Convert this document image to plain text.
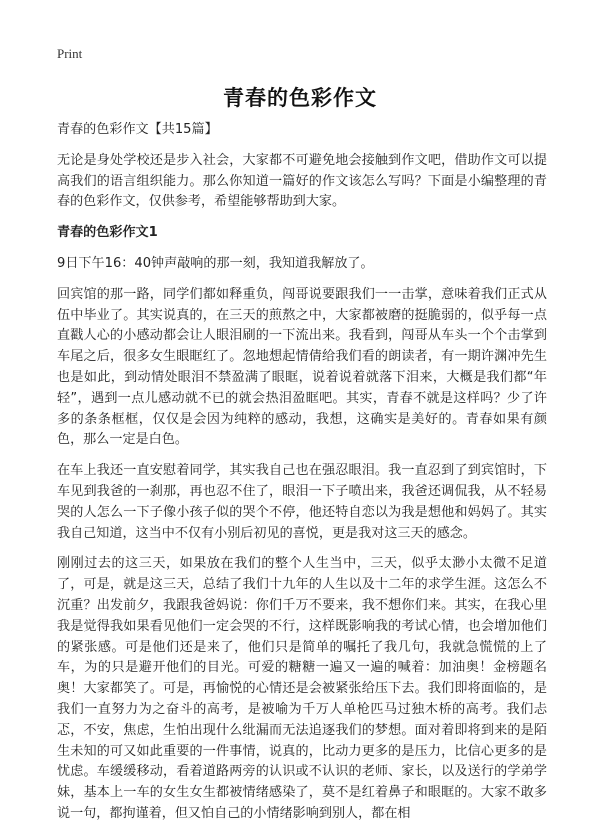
Print
青春的色彩作文

青春的色彩作文【共15篇】

无论是身处学校还是步入社会，大家都不可避免地会接触到作文吧，借助作文可以提高我们的语言组织能力。那么你知道一篇好的作文该怎么写吗？下面是小编整理的青春的色彩作文，仅供参考，希望能够帮助到大家。

青春的色彩作文1

9日下午16：40钟声敲响的那一刻，我知道我解放了。

回宾馆的那一路，同学们都如释重负，闯哥说要跟我们一一击掌，意味着我们正式从伍中毕业了。其实说真的，在三天的煎熬之中，大家都被磨的挺脆弱的，似乎每一点直戳人心的小感动都会让人眼泪刷的一下流出来。我看到，闯哥从车头一个个击掌到车尾之后，很多女生眼眶红了。忽地想起情倩给我们看的朗读者，有一期许渊冲先生也是如此，到动情处眼泪不禁盈满了眼眶，说着说着就落下泪来，大概是我们都“年轻”，遇到一点儿感动就不已的就会热泪盈眶吧。其实，青春不就是这样吗？少了许多的条条框框，仅仅是会因为纯粹的感动，我想，这确实是美好的。青春如果有颜色，那么一定是白色。

在车上我还一直安慰着同学，其实我自己也在强忍眼泪。我一直忍到了到宾馆时，下车见到我爸的一刹那，再也忍不住了，眼泪一下子喷出来，我爸还调侃我，从不轻易哭的人怎么一下子像小孩子似的哭个不停，他还特自恋以为我是想他和妈妈了。其实我自己知道，这当中不仅有小别后初见的喜悦，更是我对这三天的感念。

刚刚过去的这三天，如果放在我们的整个人生当中，三天，似乎太渺小太微不足道了，可是，就是这三天，总结了我们十九年的人生以及十二年的求学生涯。这怎么不沉重？出发前夕，我跟我爸妈说：你们千万不要来，我不想你们来。其实，在我心里我是觉得我如果看见他们一定会哭的不行，这样既影响我的考试心情，也会增加他们的紧张感。可是他们还是来了，他们只是简单的嘱托了我几句，我就急慌慌的上了车，为的只是避开他们的目光。可爱的糖糖一遍又一遍的喊着：加油奥！金榜题名奥！大家都笑了。可是，再愉悦的心情还是会被紧张给压下去。我们即将面临的，是我们一直努力为之奋斗的高考，是被喻为千万人单枪匹马过独木桥的高考。我们忐忑，不安，焦虑，生怕出现什么纰漏而无法追逐我们的梦想。面对着即将到来的是陌生未知的可又如此重要的一件事情，说真的，比动力更多的是压力，比信心更多的是忧虑。车缓缓移动，看着道路两旁的认识或不认识的老师、家长，以及送行的学弟学妹，基本上一车的女生女生都被情绪感染了，莫不是红着鼻子和眼眶的。大家不敢多说一句，都拘谨着，但又怕自己的小情绪影响到别人，都在相
